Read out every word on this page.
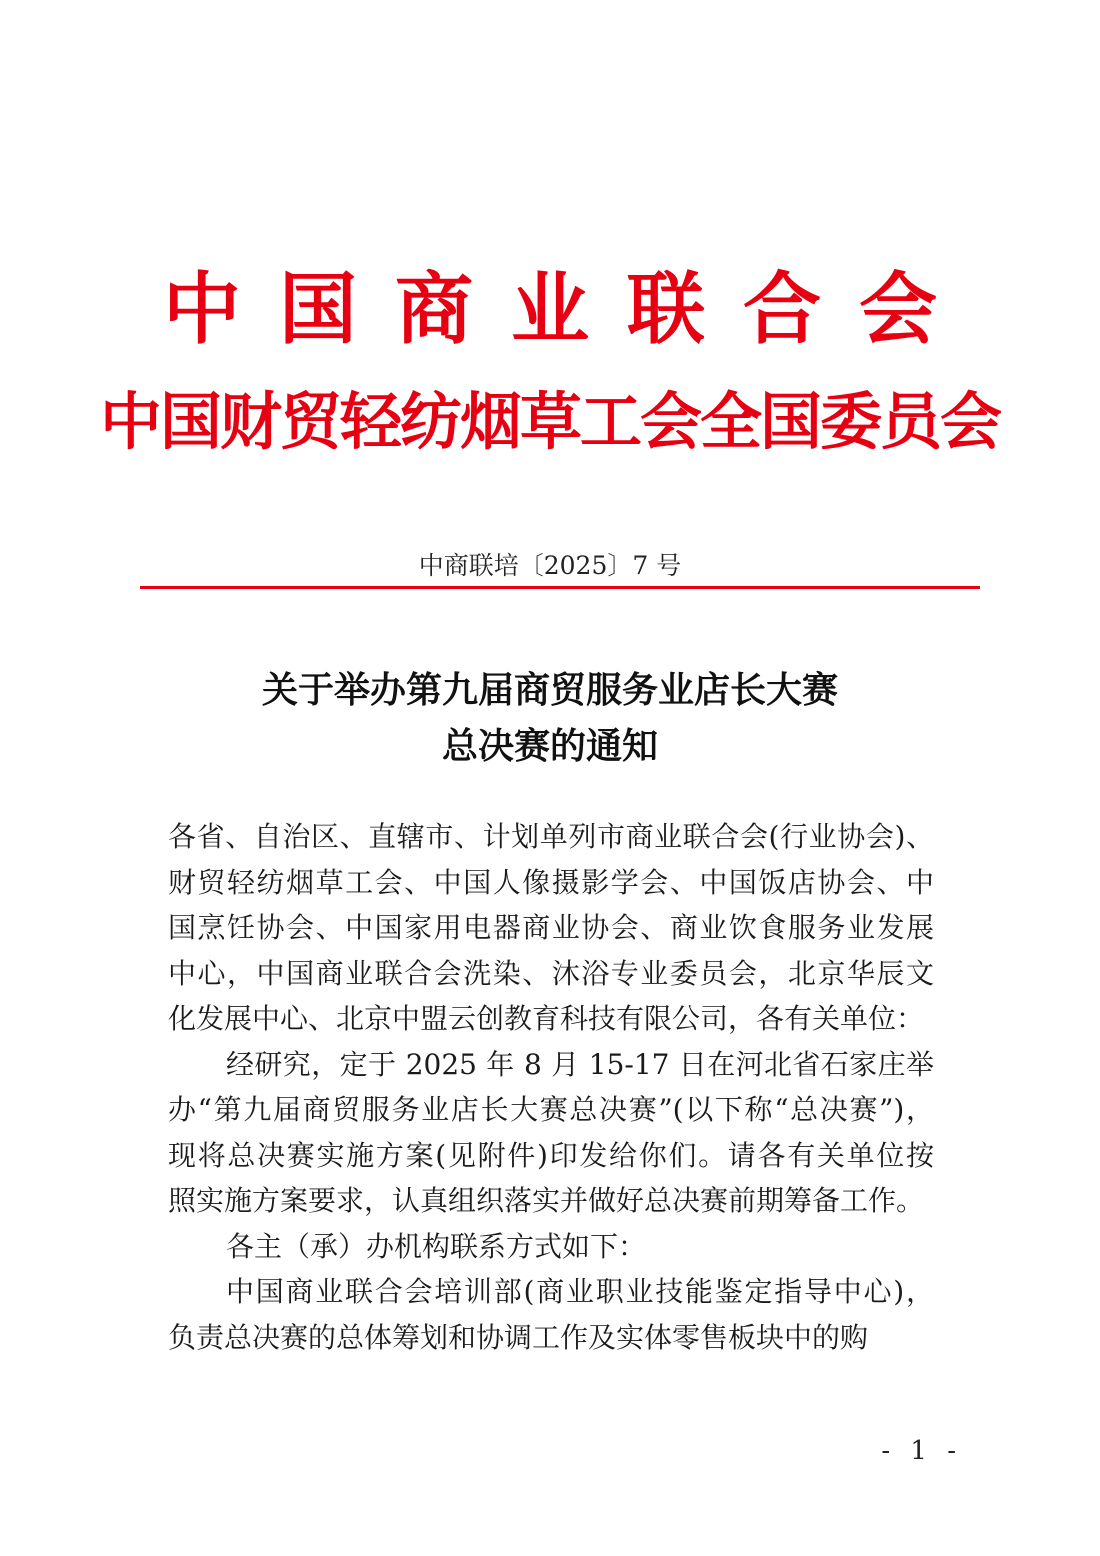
中国商业联合会
中国财贸轻纺烟草工会全国委员会
中商联培〔2025〕7 号
关于举办第九届商贸服务业店长大赛
总决赛的通知

各省、自治区、直辖市、计划单列市商业联合会(行业协会)、

财贸轻纺烟草工会、中国人像摄影学会、中国饭店协会、中

国烹饪协会、中国家用电器商业协会、商业饮食服务业发展

中心，中国商业联合会洗染、沐浴专业委员会，北京华辰文

化发展中心、北京中盟云创教育科技有限公司，各有关单位：

经研究，定于 2025 年 8 月 15-17 日在河北省石家庄举

办“第九届商贸服务业店长大赛总决赛”(以下称“总决赛”)，

现将总决赛实施方案(见附件)印发给你们。请各有关单位按

照实施方案要求，认真组织落实并做好总决赛前期筹备工作。

各主（承）办机构联系方式如下：

中国商业联合会培训部(商业职业技能鉴定指导中心)，

负责总决赛的总体筹划和协调工作及实体零售板块中的购

- 1 -
